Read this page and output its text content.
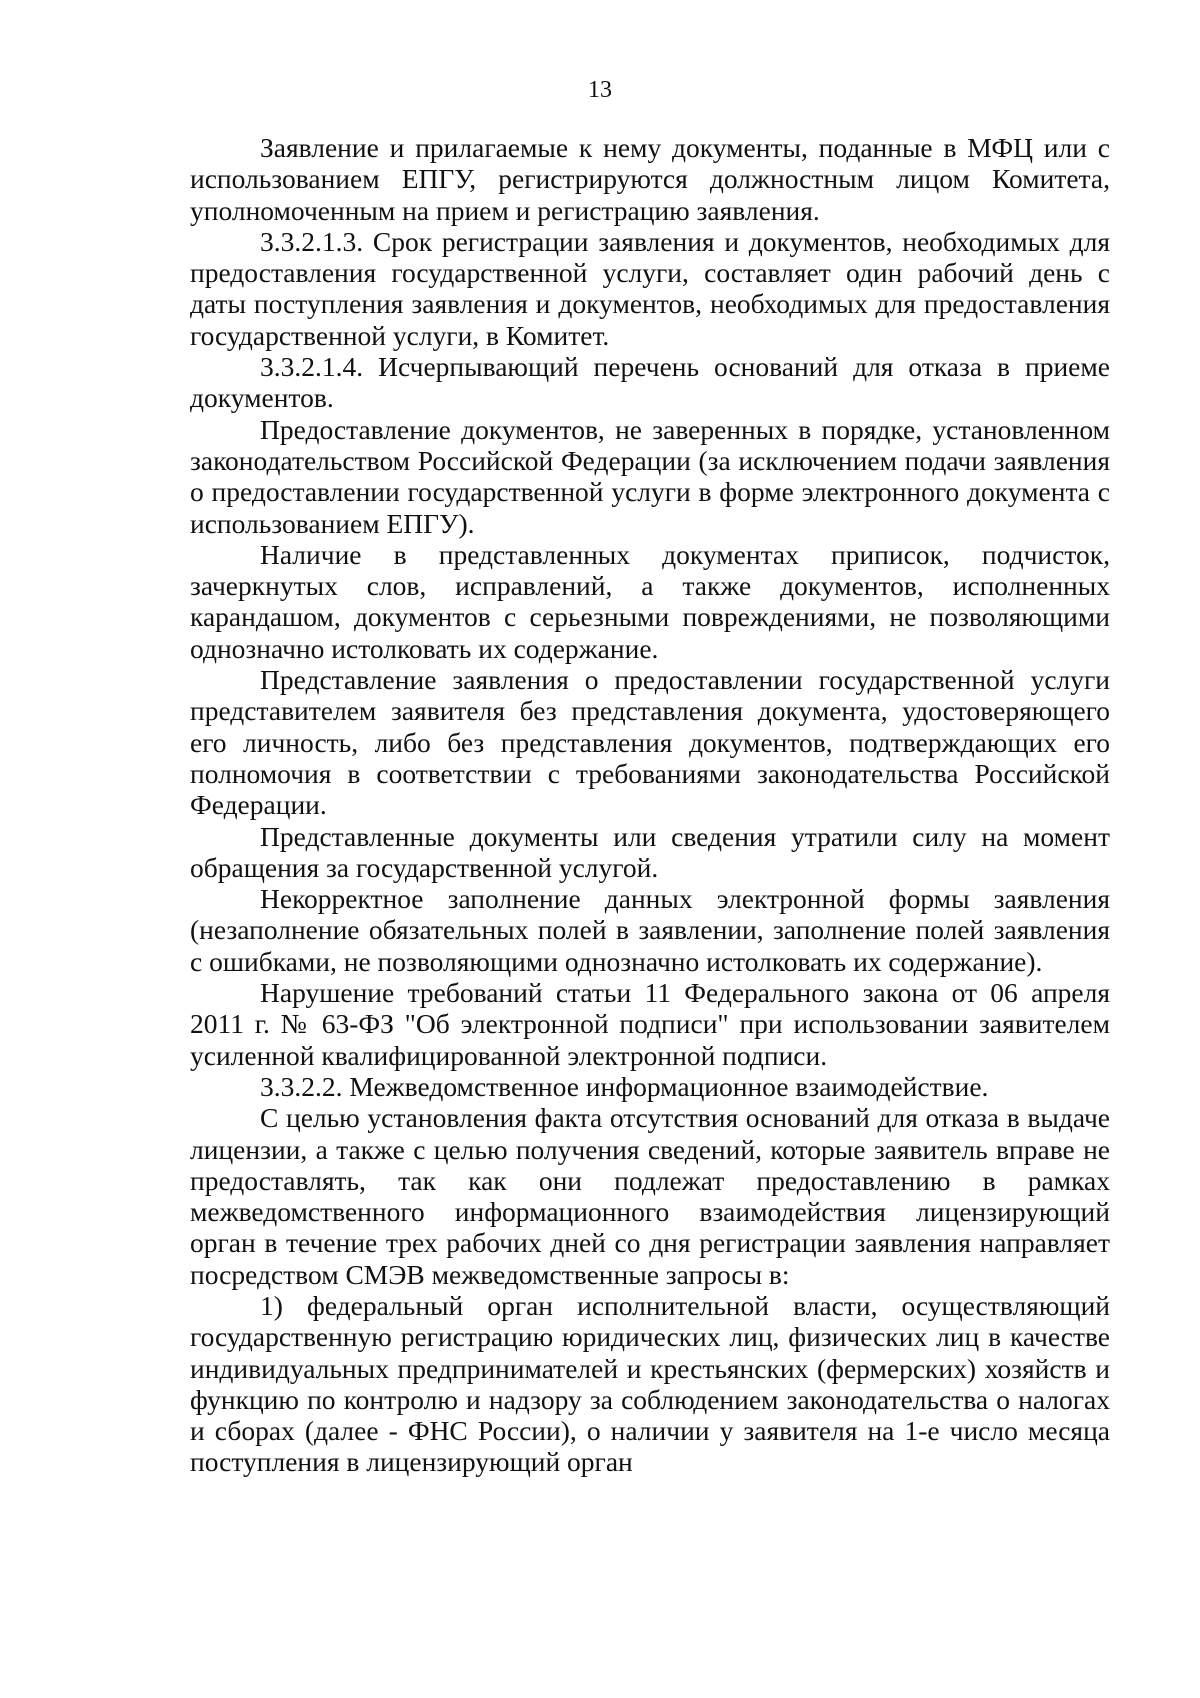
13

Заявление и прилагаемые к нему документы, поданные в МФЦ или с использованием ЕПГУ, регистрируются должностным лицом Комитета, уполномоченным на прием и регистрацию заявления.

3.3.2.1.3. Срок регистрации заявления и документов, необходимых для предоставления государственной услуги, составляет один рабочий день с даты поступления заявления и документов, необходимых для предоставления государственной услуги, в Комитет.

3.3.2.1.4. Исчерпывающий перечень оснований для отказа в приеме документов.

Предоставление документов, не заверенных в порядке, установленном законодательством Российской Федерации (за исключением подачи заявления о предоставлении государственной услуги в форме электронного документа с использованием ЕПГУ).

Наличие в представленных документах приписок, подчисток, зачеркнутых слов, исправлений, а также документов, исполненных карандашом, документов с серьезными повреждениями, не позволяющими однозначно истолковать их содержание.

Представление заявления о предоставлении государственной услуги представителем заявителя без представления документа, удостоверяющего его личность, либо без представления документов, подтверждающих его полномочия в соответствии с требованиями законодательства Российской Федерации.

Представленные документы или сведения утратили силу на момент обращения за государственной услугой.

Некорректное заполнение данных электронной формы заявления (незаполнение обязательных полей в заявлении, заполнение полей заявления с ошибками, не позволяющими однозначно истолковать их содержание).

Нарушение требований статьи 11 Федерального закона от 06 апреля 2011 г. № 63-ФЗ "Об электронной подписи" при использовании заявителем усиленной квалифицированной электронной подписи.

3.3.2.2. Межведомственное информационное взаимодействие.

С целью установления факта отсутствия оснований для отказа в выдаче лицензии, а также с целью получения сведений, которые заявитель вправе не предоставлять, так как они подлежат предоставлению в рамках межведомственного информационного взаимодействия лицензирующий орган в течение трех рабочих дней со дня регистрации заявления направляет посредством СМЭВ межведомственные запросы в:

1) федеральный орган исполнительной власти, осуществляющий государственную регистрацию юридических лиц, физических лиц в качестве индивидуальных предпринимателей и крестьянских (фермерских) хозяйств и функцию по контролю и надзору за соблюдением законодательства о налогах и сборах (далее - ФНС России), о наличии у заявителя на 1-е число месяца поступления в лицензирующий орган
